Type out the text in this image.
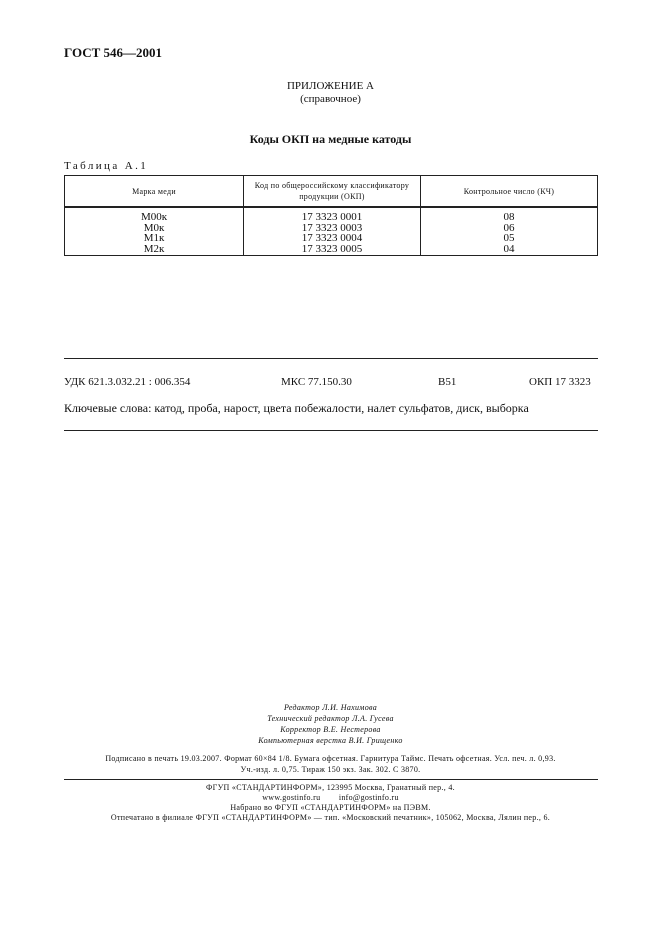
ГОСТ 546—2001
ПРИЛОЖЕНИЕ А
(справочное)
Коды ОКП на медные катоды
Таблица А.1
Марка меди	Код по общероссийскому классификатору продукции (ОКП)	Контрольное число (КЧ)
М00к	17 3323 0001	08
М0к	17 3323 0003	06
М1к	17 3323 0004	05
М2к	17 3323 0005	04
УДК 621.3.032.21 : 006.354	МКС 77.150.30	В51	ОКП 17 3323
Ключевые слова: катод, проба, нарост, цвета побежалости, налет сульфатов, диск, выборка
Редактор Л.И. Нахимова
Технический редактор Л.А. Гусева
Корректор В.Е. Нестерова
Компьютерная верстка В.И. Грищенко
Подписано в печать 19.03.2007. Формат 60×84 1/8. Бумага офсетная. Гарнитура Таймс. Печать офсетная. Усл. печ. л. 0,93.
Уч.-изд. л. 0,75. Тираж 150 экз. Зак. 302. С 3870.
ФГУП «СТАНДАРТИНФОРМ», 123995 Москва, Гранатный пер., 4.
www.gostinfo.ru        info@gostinfo.ru
Набрано во ФГУП «СТАНДАРТИНФОРМ» на ПЭВМ.
Отпечатано в филиале ФГУП «СТАНДАРТИНФОРМ» — тип. «Московский печатник», 105062, Москва, Лялин пер., 6.
